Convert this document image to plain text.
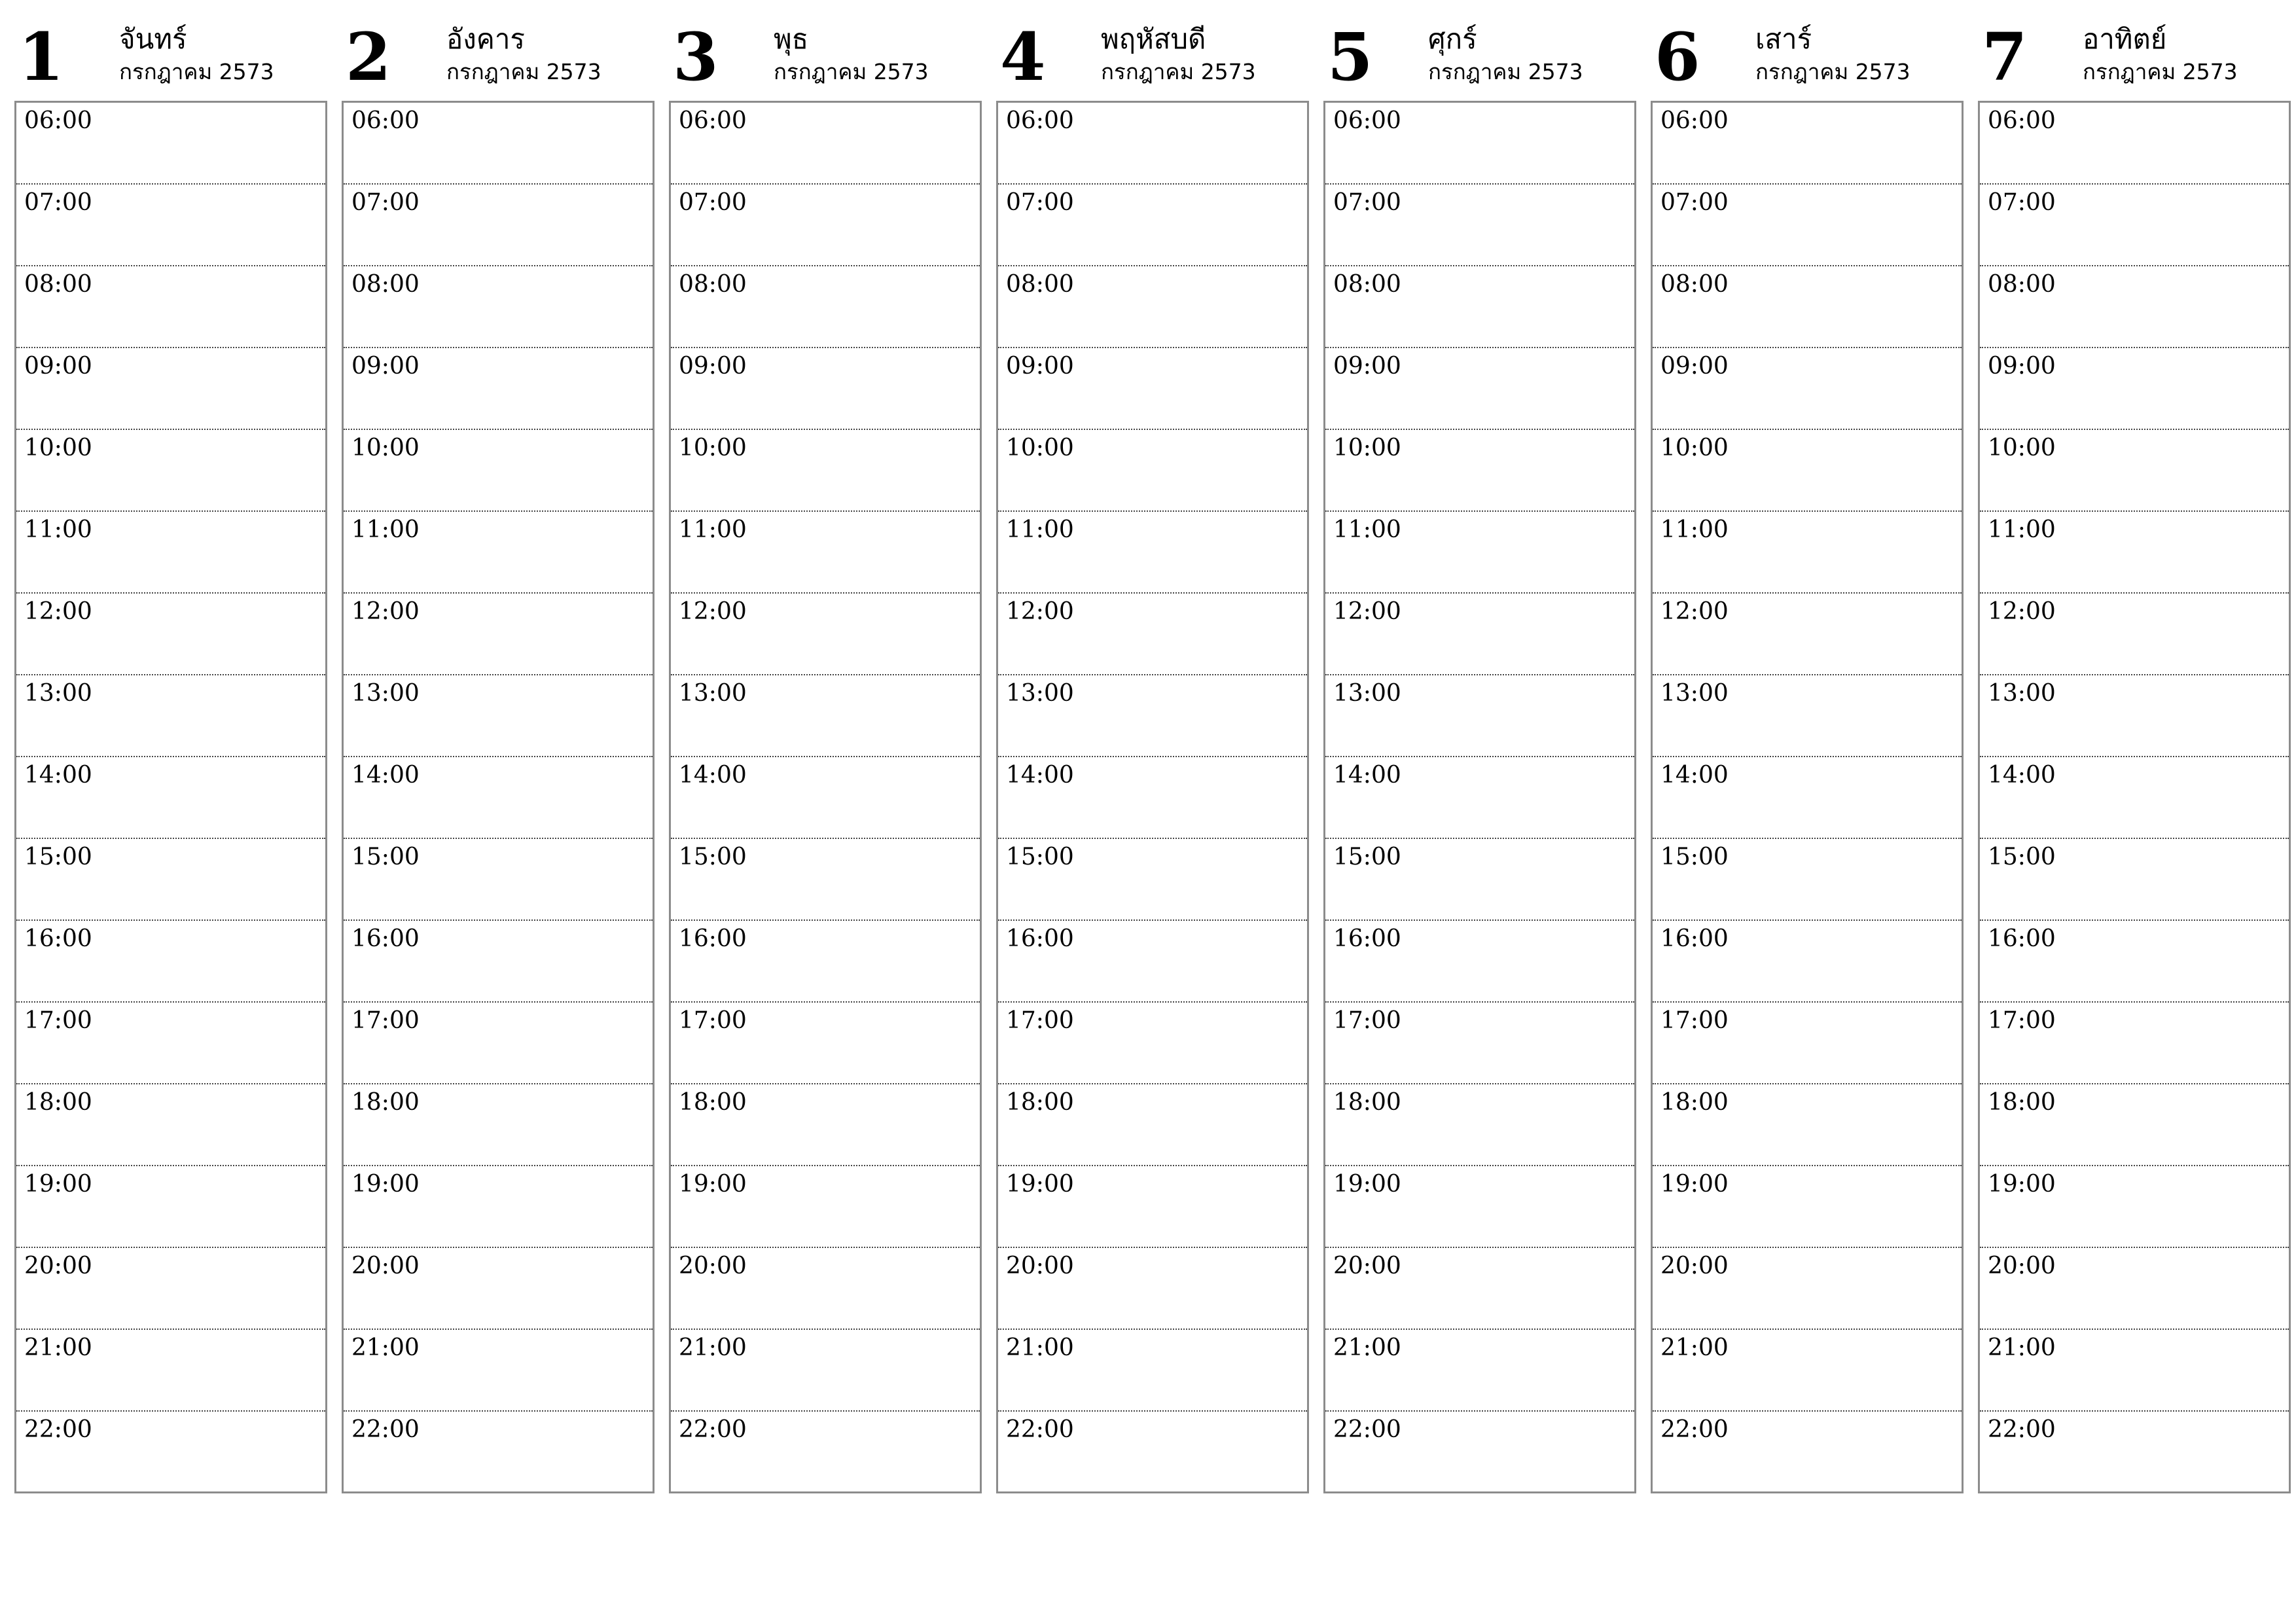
1 จันทร์
กรกฎาคม 2573
06:00
07:00
08:00
09:00
10:00
11:00
12:00
13:00
14:00
15:00
16:00
17:00
18:00
19:00
20:00
21:00
22:00
2 อังคาร
กรกฎาคม 2573
06:00
07:00
08:00
09:00
10:00
11:00
12:00
13:00
14:00
15:00
16:00
17:00
18:00
19:00
20:00
21:00
22:00
3 พุธ
กรกฎาคม 2573
06:00
07:00
08:00
09:00
10:00
11:00
12:00
13:00
14:00
15:00
16:00
17:00
18:00
19:00
20:00
21:00
22:00
4 พฤหัสบดี
กรกฎาคม 2573
06:00
07:00
08:00
09:00
10:00
11:00
12:00
13:00
14:00
15:00
16:00
17:00
18:00
19:00
20:00
21:00
22:00
5 ศุกร์
กรกฎาคม 2573
06:00
07:00
08:00
09:00
10:00
11:00
12:00
13:00
14:00
15:00
16:00
17:00
18:00
19:00
20:00
21:00
22:00
6 เสาร์
กรกฎาคม 2573
06:00
07:00
08:00
09:00
10:00
11:00
12:00
13:00
14:00
15:00
16:00
17:00
18:00
19:00
20:00
21:00
22:00
7 อาทิตย์
กรกฎาคม 2573
06:00
07:00
08:00
09:00
10:00
11:00
12:00
13:00
14:00
15:00
16:00
17:00
18:00
19:00
20:00
21:00
22:00
